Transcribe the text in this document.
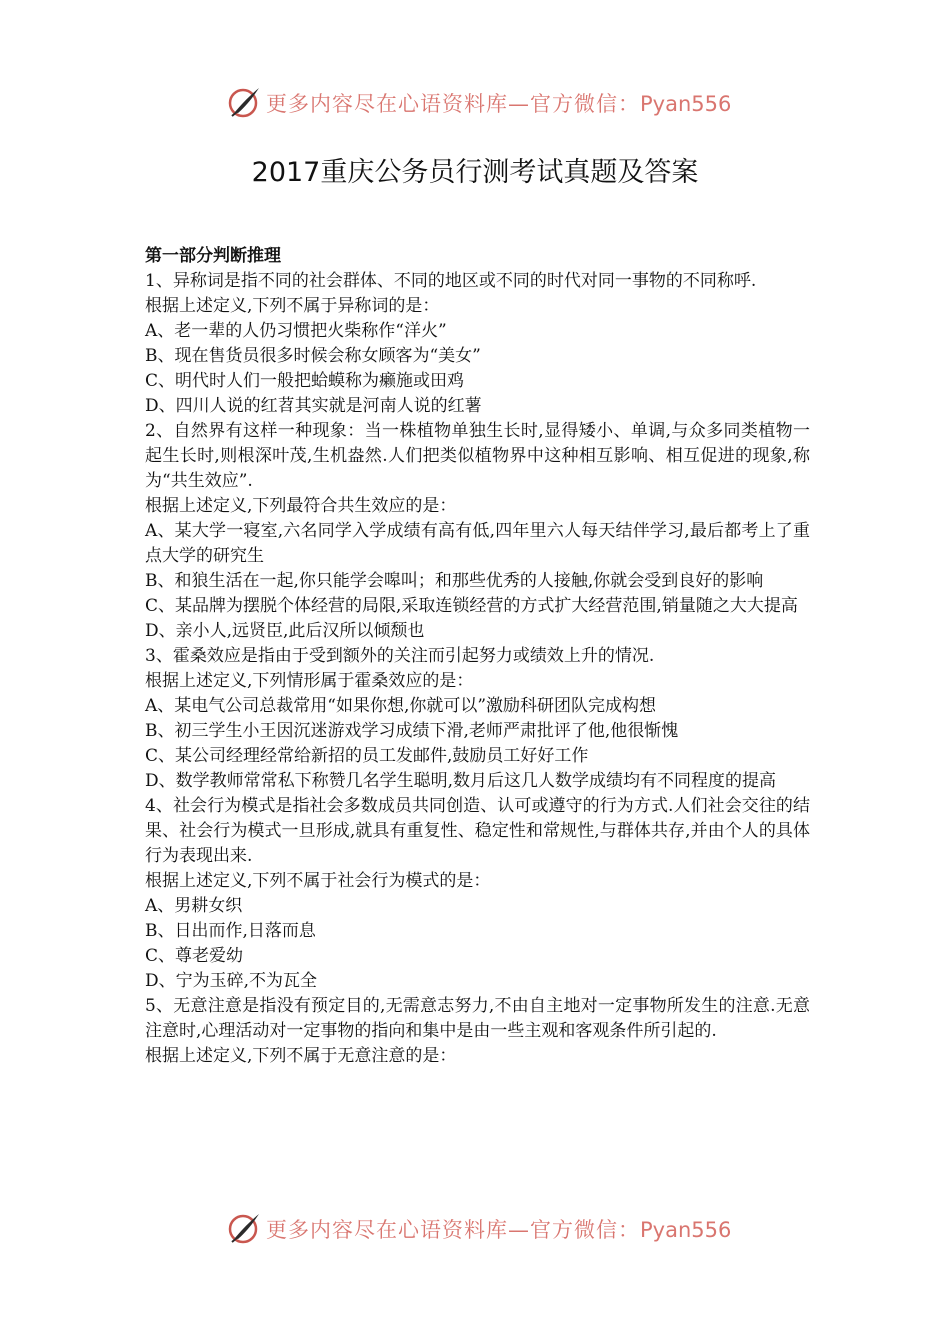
更多内容尽在心语资料库—官方微信：Pyan556
2017重庆公务员行测考试真题及答案

第一部分判断推理

1、异称词是指不同的社会群体、不同的地区或不同的时代对同一事物的不同称呼.

根据上述定义,下列不属于异称词的是：

A、老一辈的人仍习惯把火柴称作“洋火”

B、现在售货员很多时候会称女顾客为“美女”

C、明代时人们一般把蛤蟆称为癞施或田鸡

D、四川人说的红苕其实就是河南人说的红薯

2、自然界有这样一种现象：当一株植物单独生长时,显得矮小、单调,与众多同类植物一起生长时,则根深叶茂,生机盎然.人们把类似植物界中这种相互影响、相互促进的现象,称为“共生效应”.

根据上述定义,下列最符合共生效应的是：

A、某大学一寝室,六名同学入学成绩有高有低,四年里六人每天结伴学习,最后都考上了重点大学的研究生

B、和狼生活在一起,你只能学会嗥叫；和那些优秀的人接触,你就会受到良好的影响

C、某品牌为摆脱个体经营的局限,采取连锁经营的方式扩大经营范围,销量随之大大提高

D、亲小人,远贤臣,此后汉所以倾颓也

3、霍桑效应是指由于受到额外的关注而引起努力或绩效上升的情况.

根据上述定义,下列情形属于霍桑效应的是：

A、某电气公司总裁常用“如果你想,你就可以”激励科研团队完成构想

B、初三学生小王因沉迷游戏学习成绩下滑,老师严肃批评了他,他很惭愧

C、某公司经理经常给新招的员工发邮件,鼓励员工好好工作

D、数学教师常常私下称赞几名学生聪明,数月后这几人数学成绩均有不同程度的提高

4、社会行为模式是指社会多数成员共同创造、认可或遵守的行为方式.人们社会交往的结果、社会行为模式一旦形成,就具有重复性、稳定性和常规性,与群体共存,并由个人的具体行为表现出来.

根据上述定义,下列不属于社会行为模式的是：

A、男耕女织

B、日出而作,日落而息

C、尊老爱幼

D、宁为玉碎,不为瓦全

5、无意注意是指没有预定目的,无需意志努力,不由自主地对一定事物所发生的注意.无意注意时,心理活动对一定事物的指向和集中是由一些主观和客观条件所引起的.

根据上述定义,下列不属于无意注意的是：

更多内容尽在心语资料库—官方微信：Pyan556
